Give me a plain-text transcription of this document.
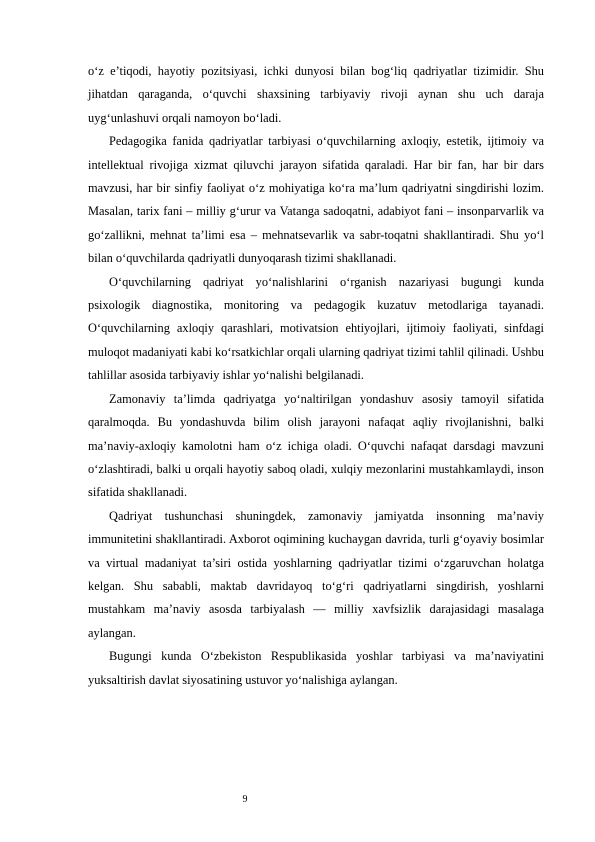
o‘z e’tiqodi, hayotiy pozitsiyasi, ichki dunyosi bilan bog‘liq qadriyatlar tizimidir. Shu jihatdan qaraganda, o‘quvchi shaxsining tarbiyaviy rivoji aynan shu uch daraja uyg‘unlashuvi orqali namoyon bo‘ladi.

Pedagogika fanida qadriyatlar tarbiyasi o‘quvchilarning axloqiy, estetik, ijtimoiy va intellektual rivojiga xizmat qiluvchi jarayon sifatida qaraladi. Har bir fan, har bir dars mavzusi, har bir sinfiy faoliyat o‘z mohiyatiga ko‘ra ma’lum qadriyatni singdirishi lozim. Masalan, tarix fani – milliy g‘urur va Vatanga sadoqatni, adabiyot fani – insonparvarlik va go‘zallikni, mehnat ta’limi esa – mehnatsevarlik va sabr-toqatni shakllantiradi. Shu yo‘l bilan o‘quvchilarda qadriyatli dunyoqarash tizimi shakllanadi.

O‘quvchilarning qadriyat yo‘nalishlarini o‘rganish nazariyasi bugungi kunda psixologik diagnostika, monitoring va pedagogik kuzatuv metodlariga tayanadi. O‘quvchilarning axloqiy qarashlari, motivatsion ehtiyojlari, ijtimoiy faoliyati, sinfdagi muloqot madaniyati kabi ko‘rsatkichlar orqali ularning qadriyat tizimi tahlil qilinadi. Ushbu tahlillar asosida tarbiyaviy ishlar yo‘nalishi belgilanadi.

Zamonaviy ta’limda qadriyatga yo‘naltirilgan yondashuv asosiy tamoyil sifatida qaralmoqda. Bu yondashuvda bilim olish jarayoni nafaqat aqliy rivojlanishni, balki ma’naviy-axloqiy kamolotni ham o‘z ichiga oladi. O‘quvchi nafaqat darsdagi mavzuni o‘zlashtiradi, balki u orqali hayotiy saboq oladi, xulqiy mezonlarini mustahkamlaydi, inson sifatida shakllanadi.

Qadriyat tushunchasi shuningdek, zamonaviy jamiyatda insonning ma’naviy immunitetini shakllantiradi. Axborot oqimining kuchaygan davrida, turli g‘oyaviy bosimlar va virtual madaniyat ta’siri ostida yoshlarning qadriyatlar tizimi o‘zgaruvchan holatga kelgan. Shu sababli, maktab davridayoq to‘g‘ri qadriyatlarni singdirish, yoshlarni mustahkam ma’naviy asosda tarbiyalash — milliy xavfsizlik darajasidagi masalaga aylangan.

Bugungi kunda O‘zbekiston Respublikasida yoshlar tarbiyasi va ma’naviyatini yuksaltirish davlat siyosatining ustuvor yo‘nalishiga aylangan.

9
